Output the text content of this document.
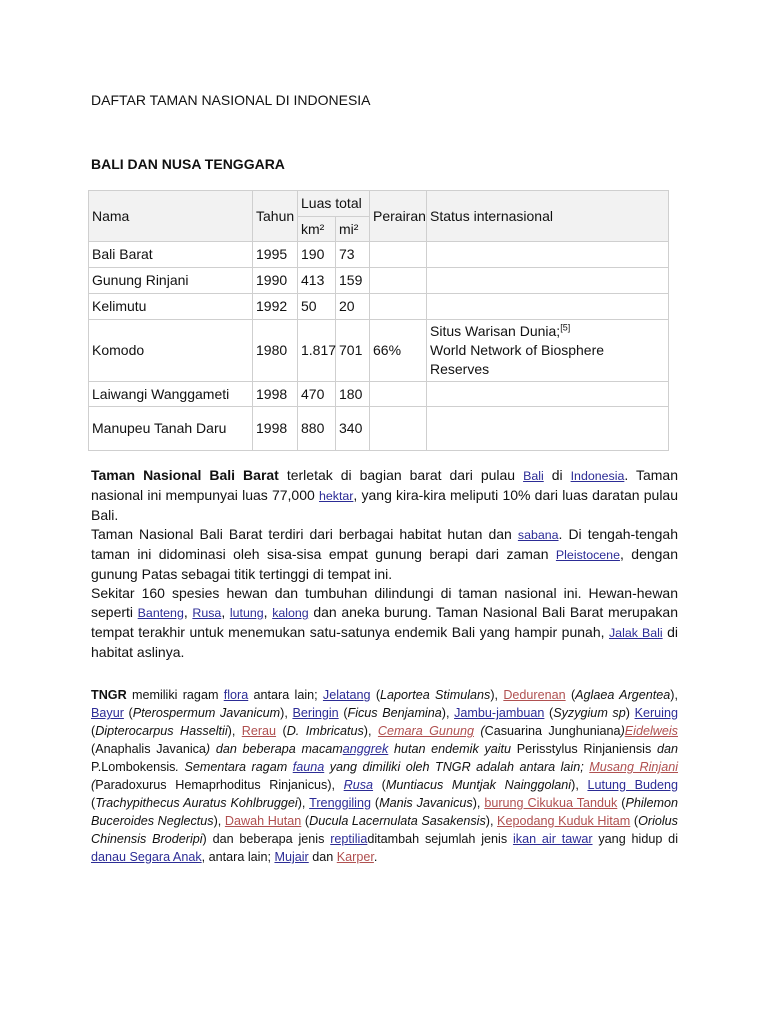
DAFTAR TAMAN NASIONAL DI INDONESIA
BALI DAN NUSA TENGGARA
Nama	Tahun	Luas total		Perairan	Status internasional
		km²	mi²		
Bali Barat	1995	190	73		
Gunung Rinjani	1990	413	159		
Kelimutu	1992	50	20		
Komodo	1980	1.817	701	66%	Situs Warisan Dunia;[5]
World Network of Biosphere Reserves

Laiwangi Wanggameti	1998	470	180		
Manupeu Tanah Daru	1998	880	340		

Taman Nasional Bali Barat terletak di bagian barat dari pulau Bali di Indonesia. Taman nasional ini mempunyai luas 77,000 hektar, yang kira-kira meliputi 10% dari luas daratan pulau Bali.

Taman Nasional Bali Barat terdiri dari berbagai habitat hutan dan sabana. Di tengah-tengah taman ini didominasi oleh sisa-sisa empat gunung berapi dari zaman Pleistocene, dengan gunung Patas sebagai titik tertinggi di tempat ini.

Sekitar 160 spesies hewan dan tumbuhan dilindungi di taman nasional ini. Hewan-hewan seperti Banteng, Rusa, lutung, kalong dan aneka burung. Taman Nasional Bali Barat merupakan tempat terakhir untuk menemukan satu-satunya endemik Bali yang hampir punah, Jalak Bali di habitat aslinya.

TNGR memiliki ragam flora antara lain; Jelatang (Laportea Stimulans), Dedurenan (Aglaea Argentea), Bayur (Pterospermum Javanicum), Beringin (Ficus Benjamina), Jambu-jambuan (Syzygium sp) Keruing (Dipterocarpus Hasseltii), Rerau (D. Imbricatus), Cemara Gunung (Casuarina Junghuniana)Eidelweis (Anaphalis Javanica) dan beberapa macamanggrek hutan endemik yaitu Perisstylus Rinjaniensis dan P.Lombokensis. Sementara ragam fauna yang dimiliki oleh TNGR adalah antara lain; Musang Rinjani (Paradoxurus Hemaprhoditus Rinjanicus), Rusa (Muntiacus Muntjak Nainggolani), Lutung Budeng (Trachypithecus Auratus Kohlbruggei), Trenggiling (Manis Javanicus), burung Cikukua Tanduk (Philemon Buceroides Neglectus), Dawah Hutan (Ducula Lacernulata Sasakensis), Kepodang Kuduk Hitam (Oriolus Chinensis Broderipi) dan beberapa jenis reptiliaditambah sejumlah jenis ikan air tawar yang hidup di danau Segara Anak, antara lain; Mujair dan Karper.
